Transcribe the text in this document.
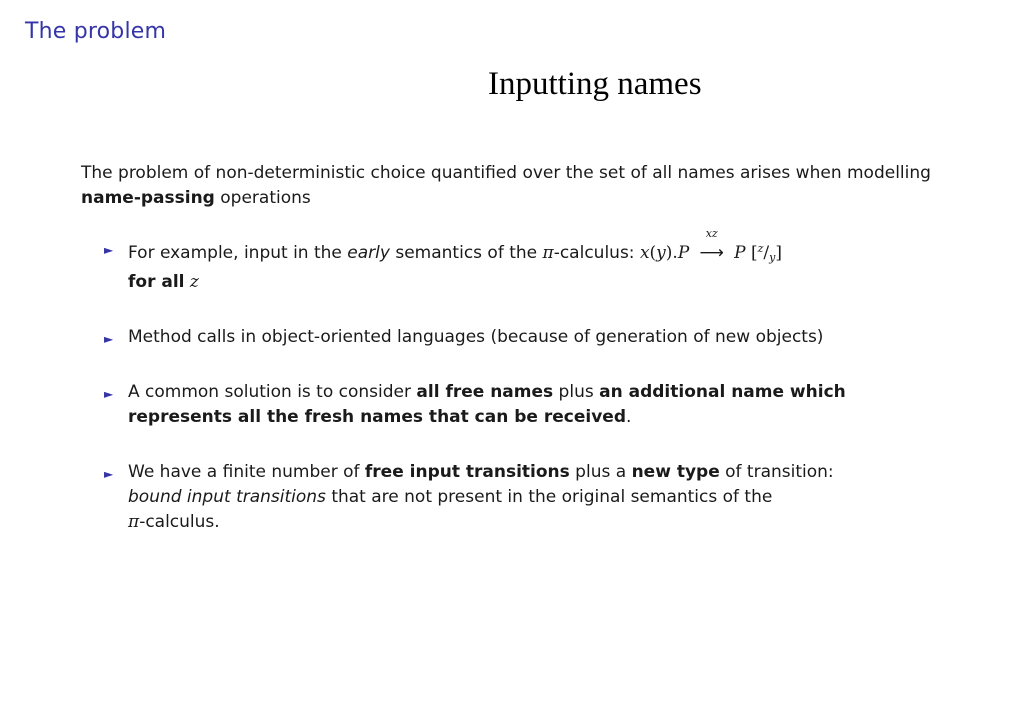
The problem
Inputting names
The problem of non-deterministic choice quantified over the set of all names arises when modelling name-passing operations
► For example, input in the early semantics of the π-calculus: x(y).P
xz
⟶ P [$^z$/y]
for all z
► Method calls in object-oriented languages (because of generation of new objects)
► A common solution is to consider all free names plus an additional name which represents all the fresh names that can be received.
► We have a finite number of free input transitions plus a new type of transition:
bound input transitions that are not present in the original semantics of the
π-calculus.
